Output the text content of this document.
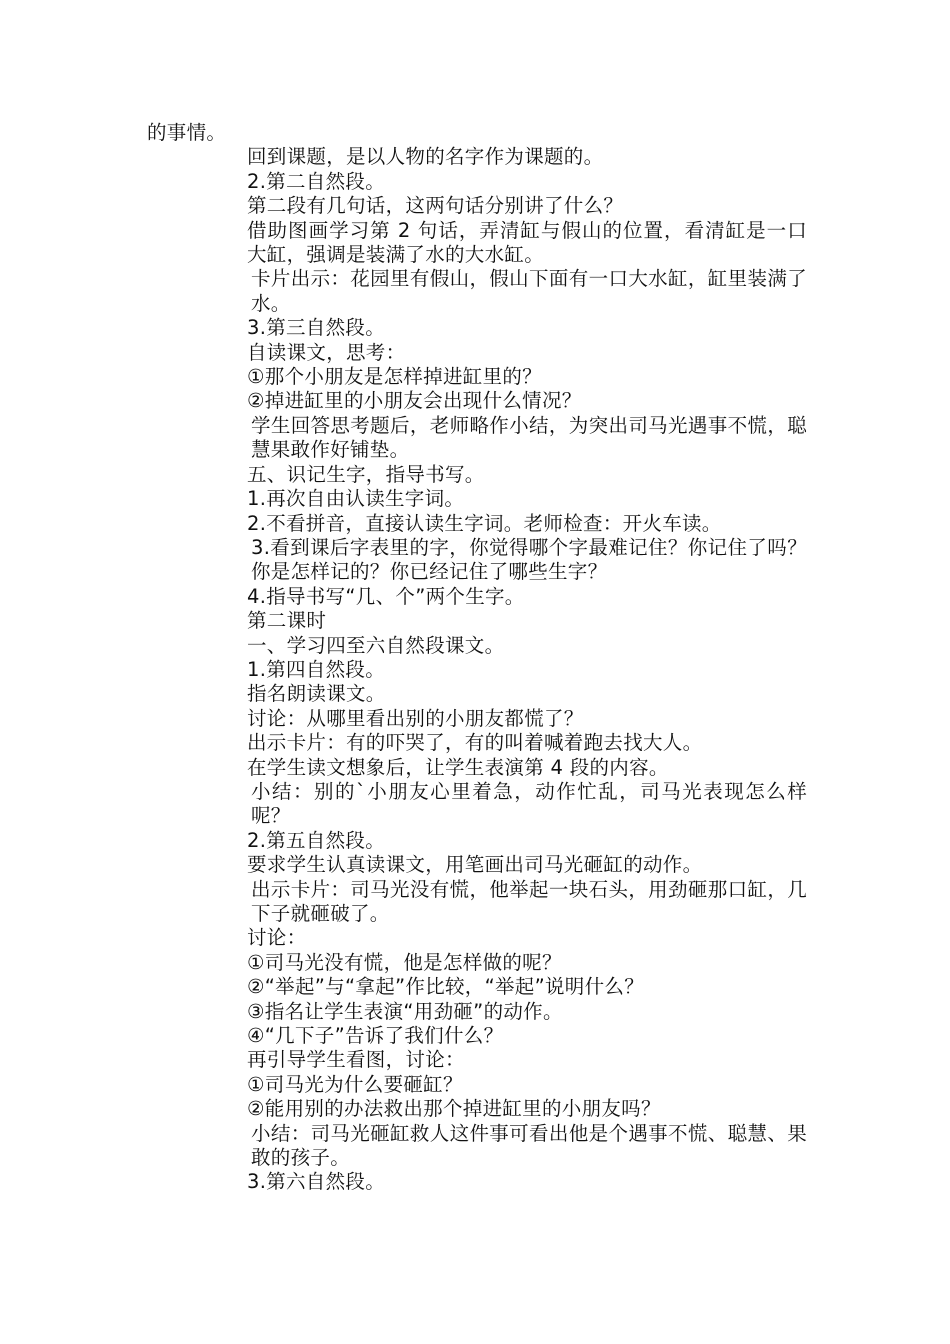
的事情。

回到课题，是以人物的名字作为课题的。

2.第二自然段。

第二段有几句话，这两句话分别讲了什么？

借助图画学习第 2 句话，弄清缸与假山的位置，看清缸是一口大缸，强调是装满了水的大水缸。

卡片出示：花园里有假山，假山下面有一口大水缸，缸里装满了水。

3.第三自然段。

自读课文，思考：

①那个小朋友是怎样掉进缸里的？

②掉进缸里的小朋友会出现什么情况？

学生回答思考题后，老师略作小结，为突出司马光遇事不慌，聪慧果敢作好铺垫。

五、识记生字，指导书写。

1.再次自由认读生字词。

2.不看拼音，直接认读生字词。老师检查：开火车读。

3.看到课后字表里的字，你觉得哪个字最难记住？你记住了吗？你是怎样记的？你已经记住了哪些生字？

4.指导书写“几、个”两个生字。

第二课时

一、学习四至六自然段课文。

1.第四自然段。

指名朗读课文。

讨论：从哪里看出别的小朋友都慌了？

出示卡片：有的吓哭了，有的叫着喊着跑去找大人。

在学生读文想象后，让学生表演第 4 段的内容。

小结：别的`小朋友心里着急，动作忙乱，司马光表现怎么样呢？

2.第五自然段。

要求学生认真读课文，用笔画出司马光砸缸的动作。

出示卡片：司马光没有慌，他举起一块石头，用劲砸那口缸，几下子就砸破了。

讨论：

①司马光没有慌，他是怎样做的呢？

②“举起”与“拿起”作比较，“举起”说明什么？

③指名让学生表演“用劲砸”的动作。

④“几下子”告诉了我们什么？

再引导学生看图，讨论：

①司马光为什么要砸缸？

②能用别的办法救出那个掉进缸里的小朋友吗？

小结：司马光砸缸救人这件事可看出他是个遇事不慌、聪慧、果敢的孩子。

3.第六自然段。
